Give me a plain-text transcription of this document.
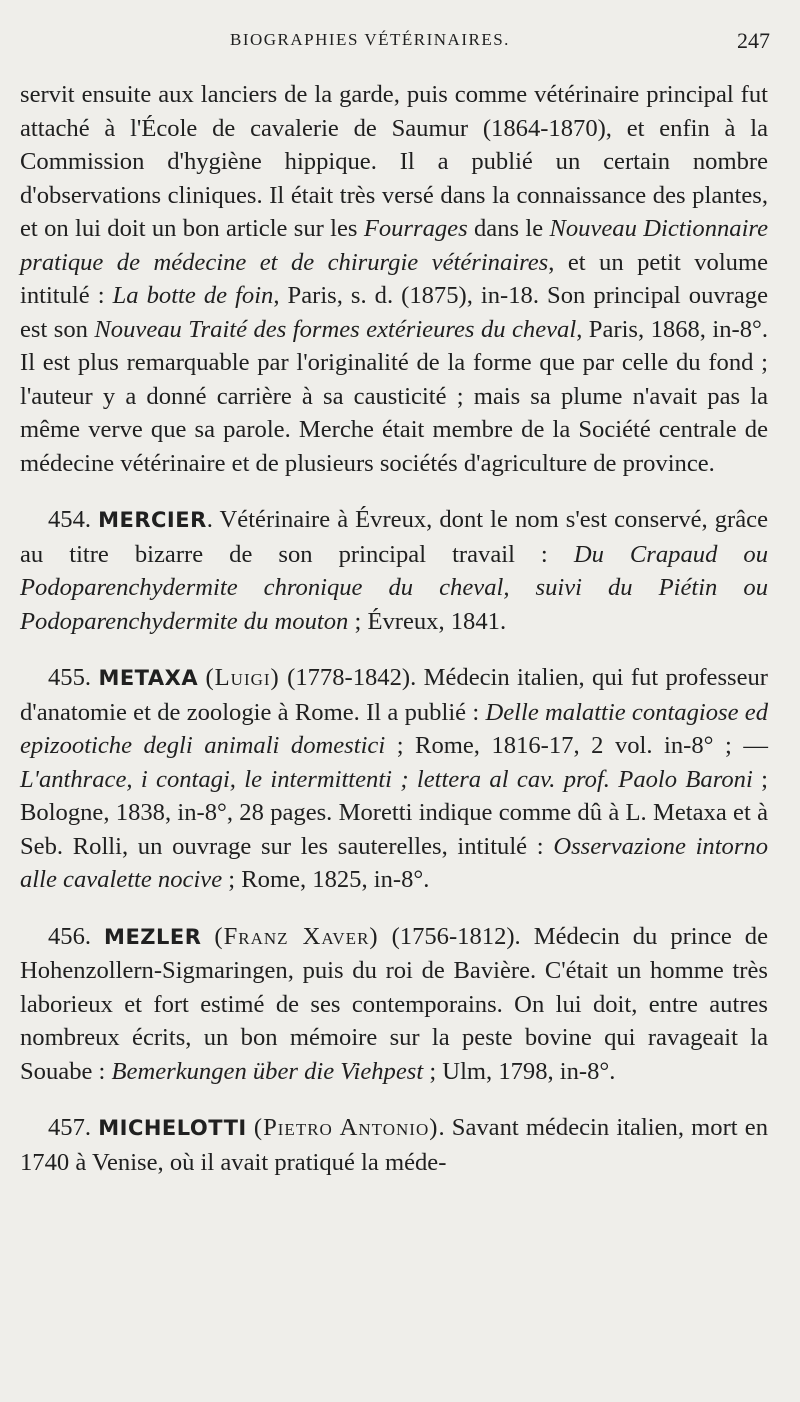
BIOGRAPHIES VÉTÉRINAIRES.	247

servit ensuite aux lanciers de la garde, puis comme vétérinaire principal fut attaché à l'École de cavalerie de Saumur (1864-1870), et enfin à la Commission d'hygiène hippique. Il a publié un certain nombre d'observations cliniques. Il était très versé dans la connaissance des plantes, et on lui doit un bon article sur les Fourrages dans le Nouveau Dictionnaire pratique de médecine et de chirurgie vétérinaires, et un petit volume intitulé : La botte de foin, Paris, s. d. (1875), in-18. Son principal ouvrage est son Nouveau Traité des formes extérieures du cheval, Paris, 1868, in-8°. Il est plus remarquable par l'originalité de la forme que par celle du fond ; l'auteur y a donné carrière à sa causticité ; mais sa plume n'avait pas la même verve que sa parole. Merche était membre de la Société centrale de médecine vétérinaire et de plusieurs sociétés d'agriculture de province.

454. MERCIER. Vétérinaire à Évreux, dont le nom s'est conservé, grâce au titre bizarre de son principal travail : Du Crapaud ou Podoparenchydermite chronique du cheval, suivi du Piétin ou Podoparenchydermite du mouton ; Évreux, 1841.

455. METAXA (Luigi) (1778-1842). Médecin italien, qui fut professeur d'anatomie et de zoologie à Rome. Il a publié : Delle malattie contagiose ed epizootiche degli animali domestici ; Rome, 1816-17, 2 vol. in-8° ; — L'anthrace, i contagi, le intermittenti ; lettera al cav. prof. Paolo Baroni ; Bologne, 1838, in-8°, 28 pages. Moretti indique comme dû à L. Metaxa et à Seb. Rolli, un ouvrage sur les sauterelles, intitulé : Osservazione intorno alle cavalette nocive ; Rome, 1825, in-8°.

456. MEZLER (Franz Xaver) (1756-1812). Médecin du prince de Hohenzollern-Sigmaringen, puis du roi de Bavière. C'était un homme très laborieux et fort estimé de ses contemporains. On lui doit, entre autres nombreux écrits, un bon mémoire sur la peste bovine qui ravageait la Souabe : Bemerkungen über die Viehpest ; Ulm, 1798, in-8°.

457. MICHELOTTI (Pietro Antonio). Savant médecin italien, mort en 1740 à Venise, où il avait pratiqué la méde-
